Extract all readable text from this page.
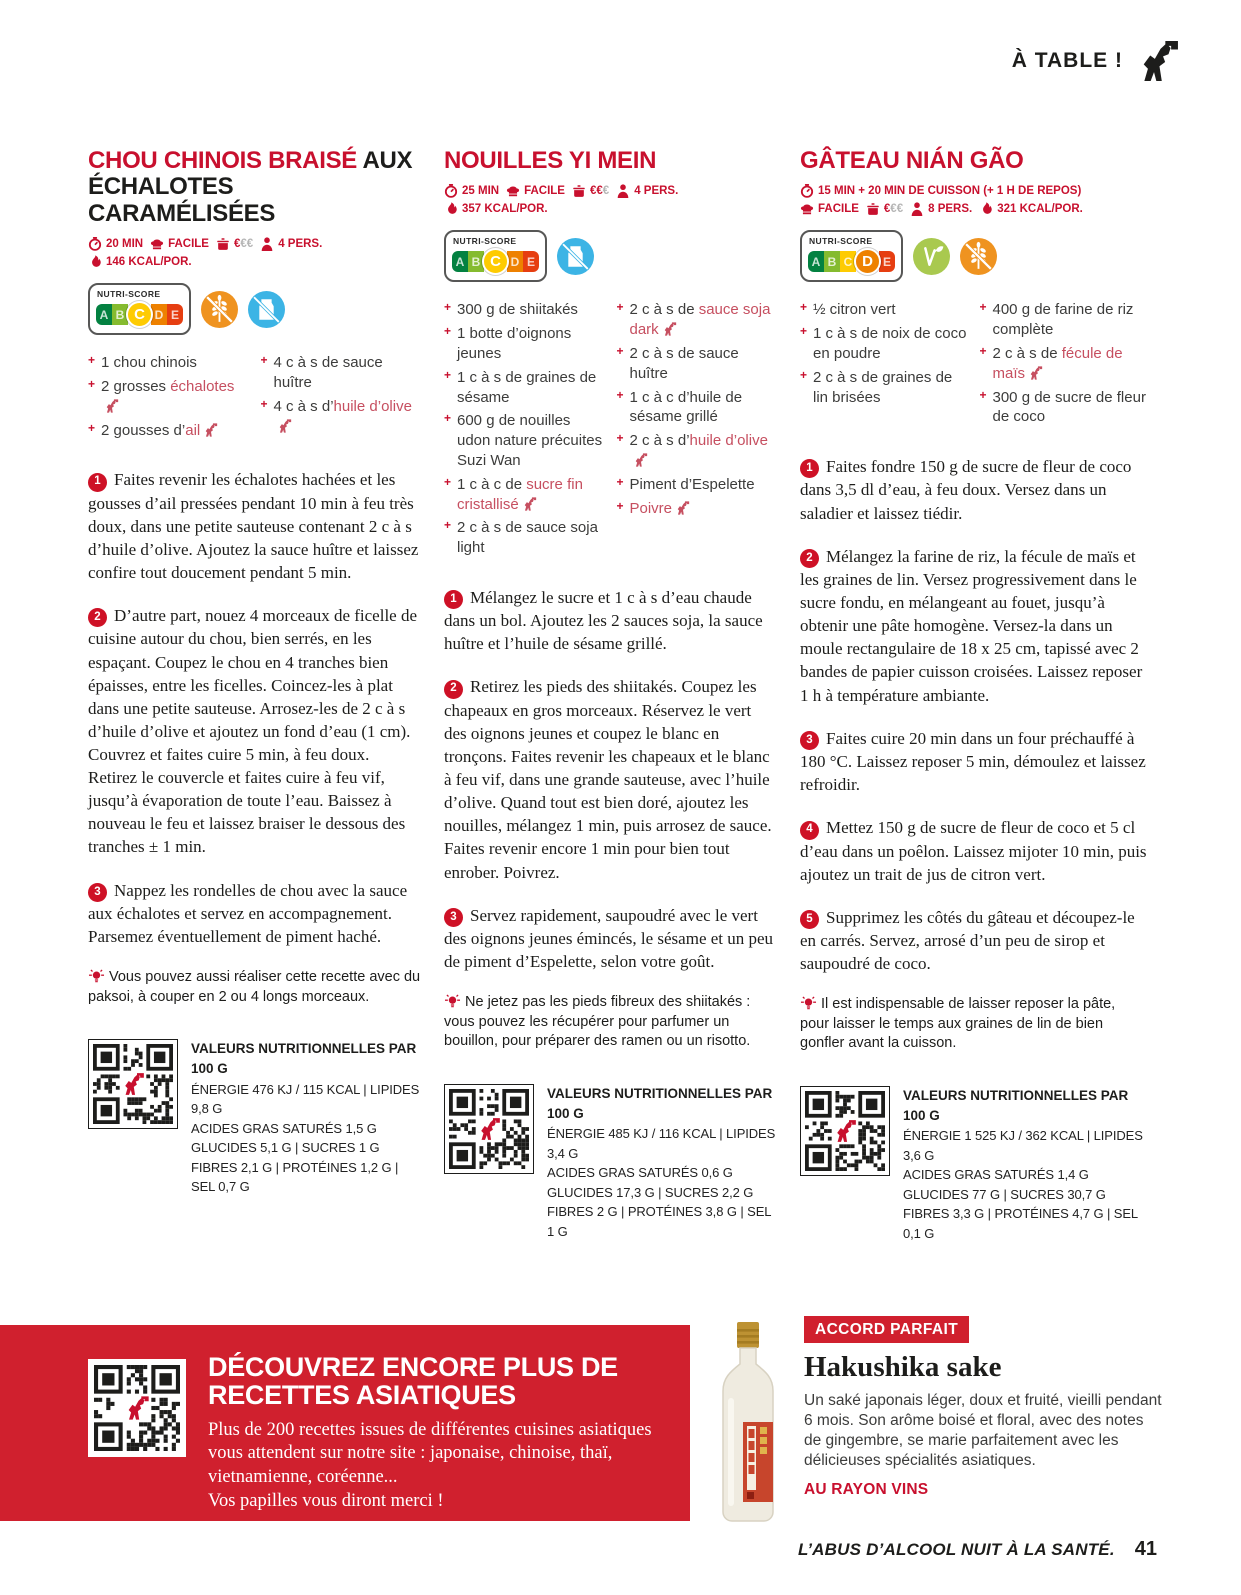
À TABLE !
CHOU CHINOIS BRAISÉ AUX ÉCHALOTES CARAMÉLISÉES
20 MIN FACILE €€€ 4 PERS.
146 KCAL/POR.
NUTRI-SCORE
A B C D E
+ 1 chou chinois
+ 2 grosses échalotes
+ 2 gousses d’ail
+ 4 c à s de sauce huître
+ 4 c à s d’huile d’olive

1 Faites revenir les échalotes hachées et les gousses d’ail pressées pendant 10 min à feu très doux, dans une petite sauteuse contenant 2 c à s d’huile d’olive. Ajoutez la sauce huître et laissez confire tout doucement pendant 5 min.

2 D’autre part, nouez 4 morceaux de ficelle de cuisine autour du chou, bien serrés, en les espaçant. Coupez le chou en 4 tranches bien épaisses, entre les ficelles. Coincez-les à plat dans une petite sauteuse. Arrosez-les de 2 c à s d’huile d’olive et ajoutez un fond d’eau (1 cm). Couvrez et faites cuire 5 min, à feu doux. Retirez le couvercle et faites cuire à feu vif, jusqu’à évaporation de toute l’eau. Baissez à nouveau le feu et laissez braiser le dessous des tranches ± 1 min.

3 Nappez les rondelles de chou avec la sauce aux échalotes et servez en accompagnement. Parsemez éventuellement de piment haché.

Vous pouvez aussi réaliser cette recette avec du paksoi, à couper en 2 ou 4 longs morceaux.

VALEURS NUTRITIONNELLES PAR 100 G
ÉNERGIE 476 KJ / 115 KCAL | LIPIDES 9,8 G
ACIDES GRAS SATURÉS 1,5 G
GLUCIDES 5,1 G | SUCRES 1 G
FIBRES 2,1 G | PROTÉINES 1,2 G | SEL 0,7 G
NOUILLES YI MEIN
25 MIN FACILE €€€ 4 PERS.
357 KCAL/POR.
NUTRI-SCORE
A B C D E
+ 300 g de shiitakés
+ 1 botte d’oignons jeunes
+ 1 c à s de graines de sésame
+ 600 g de nouilles udon nature précuites Suzi Wan
+ 1 c à c de sucre fin cristallisé
+ 2 c à s de sauce soja light
+ 2 c à s de sauce soja dark
+ 2 c à s de sauce huître
+ 1 c à c d’huile de sésame grillé
+ 2 c à s d’huile d’olive
+ Piment d’Espelette
+ Poivre

1 Mélangez le sucre et 1 c à s d’eau chaude dans un bol. Ajoutez les 2 sauces soja, la sauce huître et l’huile de sésame grillé.

2 Retirez les pieds des shiitakés. Coupez les chapeaux en gros morceaux. Réservez le vert des oignons jeunes et coupez le blanc en tronçons. Faites revenir les chapeaux et le blanc à feu vif, dans une grande sauteuse, avec l’huile d’olive. Quand tout est bien doré, ajoutez les nouilles, mélangez 1 min, puis arrosez de sauce. Faites revenir encore 1 min pour bien tout enrober. Poivrez.

3 Servez rapidement, saupoudré avec le vert des oignons jeunes émincés, le sésame et un peu de piment d’Espelette, selon votre goût.

Ne jetez pas les pieds fibreux des shiitakés : vous pouvez les récupérer pour parfumer un bouillon, pour préparer des ramen ou un risotto.

VALEURS NUTRITIONNELLES PAR 100 G
ÉNERGIE 485 KJ / 116 KCAL | LIPIDES 3,4 G
ACIDES GRAS SATURÉS 0,6 G
GLUCIDES 17,3 G | SUCRES 2,2 G
FIBRES 2 G | PROTÉINES 3,8 G | SEL 1 G
GÂTEAU NIÁN GÃO
15 MIN + 20 MIN DE CUISSON (+ 1 H DE REPOS)
FACILE €€€ 8 PERS. 321 KCAL/POR.
NUTRI-SCORE
A B C D E
+ ½ citron vert
+ 1 c à s de noix de coco en poudre
+ 2 c à s de graines de lin brisées
+ 400 g de farine de riz complète
+ 2 c à s de fécule de maïs
+ 300 g de sucre de fleur de coco

1 Faites fondre 150 g de sucre de fleur de coco dans 3,5 dl d’eau, à feu doux. Versez dans un saladier et laissez tiédir.

2 Mélangez la farine de riz, la fécule de maïs et les graines de lin. Versez progressivement dans le sucre fondu, en mélangeant au fouet, jusqu’à obtenir une pâte homogène. Versez-la dans un moule rectangulaire de 18 x 25 cm, tapissé avec 2 bandes de papier cuisson croisées. Laissez reposer 1 h à température ambiante.

3 Faites cuire 20 min dans un four préchauffé à 180 °C. Laissez reposer 5 min, démoulez et laissez refroidir.

4 Mettez 150 g de sucre de fleur de coco et 5 cl d’eau dans un poêlon. Laissez mijoter 10 min, puis ajoutez un trait de jus de citron vert.

5 Supprimez les côtés du gâteau et découpez-le en carrés. Servez, arrosé d’un peu de sirop et saupoudré de coco.

Il est indispensable de laisser reposer la pâte, pour laisser le temps aux graines de lin de bien gonfler avant la cuisson.

VALEURS NUTRITIONNELLES PAR 100 G
ÉNERGIE 1 525 KJ / 362 KCAL | LIPIDES 3,6 G
ACIDES GRAS SATURÉS 1,4 G
GLUCIDES 77 G | SUCRES 30,7 G
FIBRES 3,3 G | PROTÉINES 4,7 G | SEL 0,1 G
DÉCOUVREZ ENCORE PLUS DE
RECETTES ASIATIQUES

Plus de 200 recettes issues de différentes cuisines asiatiques vous attendent sur notre site : japonaise, chinoise, thaï, vietnamienne, coréenne...
Vos papilles vous diront merci !

ACCORD PARFAIT
Hakushika sake

Un saké japonais léger, doux et fruité, vieilli pendant 6 mois. Son arôme boisé et floral, avec des notes de gingembre, se marie parfaitement avec les délicieuses spécialités asiatiques.

AU RAYON VINS
L’ABUS D’ALCOOL NUIT À LA SANTÉ. 41
